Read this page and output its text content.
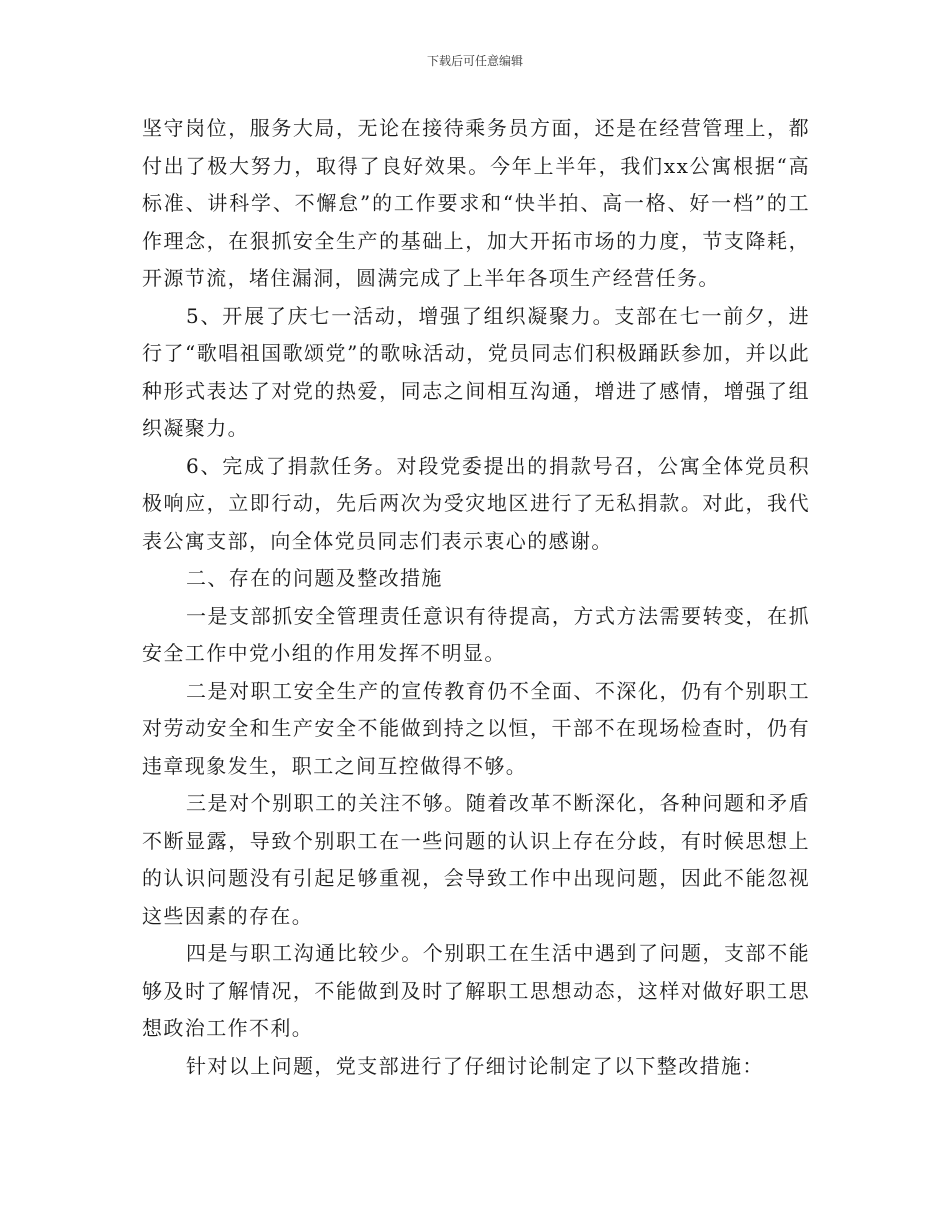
下载后可任意编辑

坚守岗位，服务大局，无论在接待乘务员方面，还是在经营管理上，都付出了极大努力，取得了良好效果。今年上半年，我们xx公寓根据“高标准、讲科学、不懈怠”的工作要求和“快半拍、高一格、好一档”的工作理念，在狠抓安全生产的基础上，加大开拓市场的力度，节支降耗，开源节流，堵住漏洞，圆满完成了上半年各项生产经营任务。

5、开展了庆七一活动，增强了组织凝聚力。支部在七一前夕，进行了“歌唱祖国歌颂党”的歌咏活动，党员同志们积极踊跃参加，并以此种形式表达了对党的热爱，同志之间相互沟通，增进了感情，增强了组织凝聚力。

6、完成了捐款任务。对段党委提出的捐款号召，公寓全体党员积极响应，立即行动，先后两次为受灾地区进行了无私捐款。对此，我代表公寓支部，向全体党员同志们表示衷心的感谢。

二、存在的问题及整改措施

一是支部抓安全管理责任意识有待提高，方式方法需要转变，在抓安全工作中党小组的作用发挥不明显。

二是对职工安全生产的宣传教育仍不全面、不深化，仍有个别职工对劳动安全和生产安全不能做到持之以恒，干部不在现场检查时，仍有违章现象发生，职工之间互控做得不够。

三是对个别职工的关注不够。随着改革不断深化，各种问题和矛盾不断显露，导致个别职工在一些问题的认识上存在分歧，有时候思想上的认识问题没有引起足够重视，会导致工作中出现问题，因此不能忽视这些因素的存在。

四是与职工沟通比较少。个别职工在生活中遇到了问题，支部不能够及时了解情况，不能做到及时了解职工思想动态，这样对做好职工思想政治工作不利。

针对以上问题，党支部进行了仔细讨论制定了以下整改措施：
